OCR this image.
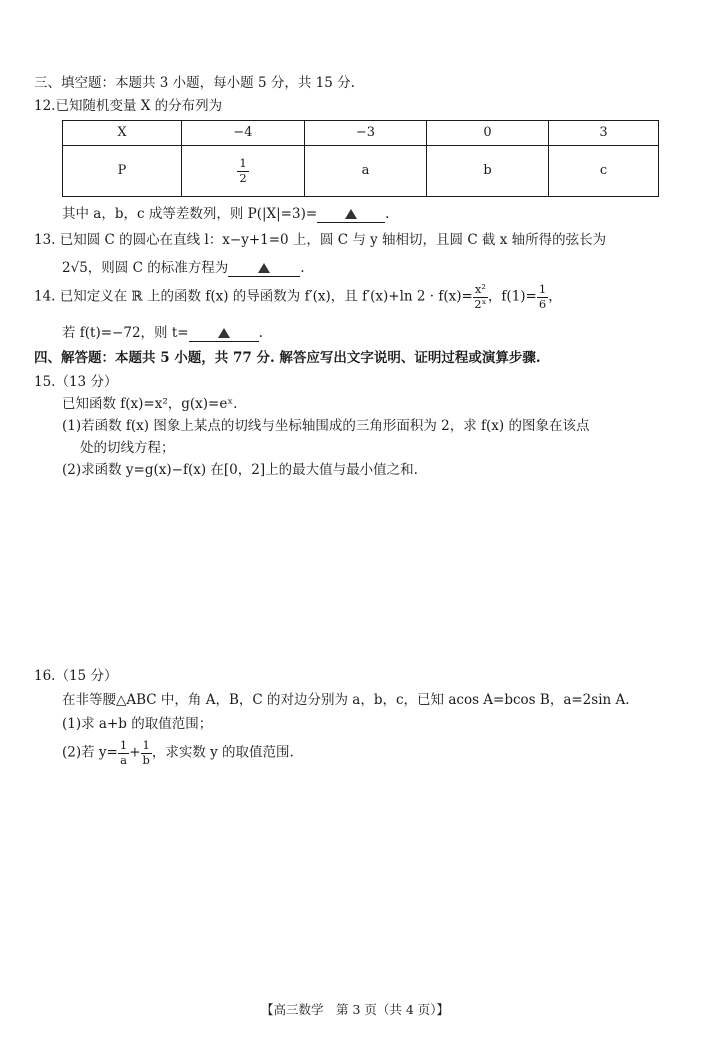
三、填空题：本题共 3 小题，每小题 5 分，共 15 分.
12.已知随机变量 X 的分布列为
X	−4	−3	0	3
P	$\frac{1}{2}$	a	b	c
其中 a，b，c 成等差数列，则 P(|X|=3)=	.
13. 已知圆 C 的圆心在直线 l：x−y+1=0 上，圆 C 与 y 轴相切，且圆 C 截 x 轴所得的弦长为
2√5，则圆 C 的标准方程为	.
14. 已知定义在 ℝ 上的函数 f(x) 的导函数为 f′(x)，且 f′(x)+ln $2 \cdot f(x)= \frac{\text{x²}}{\text{2ˣ}}$ ，$f(1)= \frac{1}{6}$ ，
若 f(t)=−72，则 t=	.
四、解答题：本题共 5 小题，共 77 分. 解答应写出文字说明、证明过程或演算步骤.
15.（13 分）
已知函数 f(x)=x²，g(x)=eˣ.
(1)若函数 f(x) 图象上某点的切线与坐标轴围成的三角形面积为 2，求 f(x) 的图象在该点
处的切线方程；
(2)求函数 y=g(x)−f(x) 在[0，2]上的最大值与最小值之和.
16.（15 分）
在非等腰△ABC 中，角 A，B，C 的对边分别为 a，b，c，已知 acos A=bcos B，a=2sin A.
(1)求 a+b 的取值范围；
(2)若 $y= \frac{1}{a} + \frac{1}{b}$ ，求实数 y 的取值范围.
【高三数学　第 3 页（共 4 页）】
